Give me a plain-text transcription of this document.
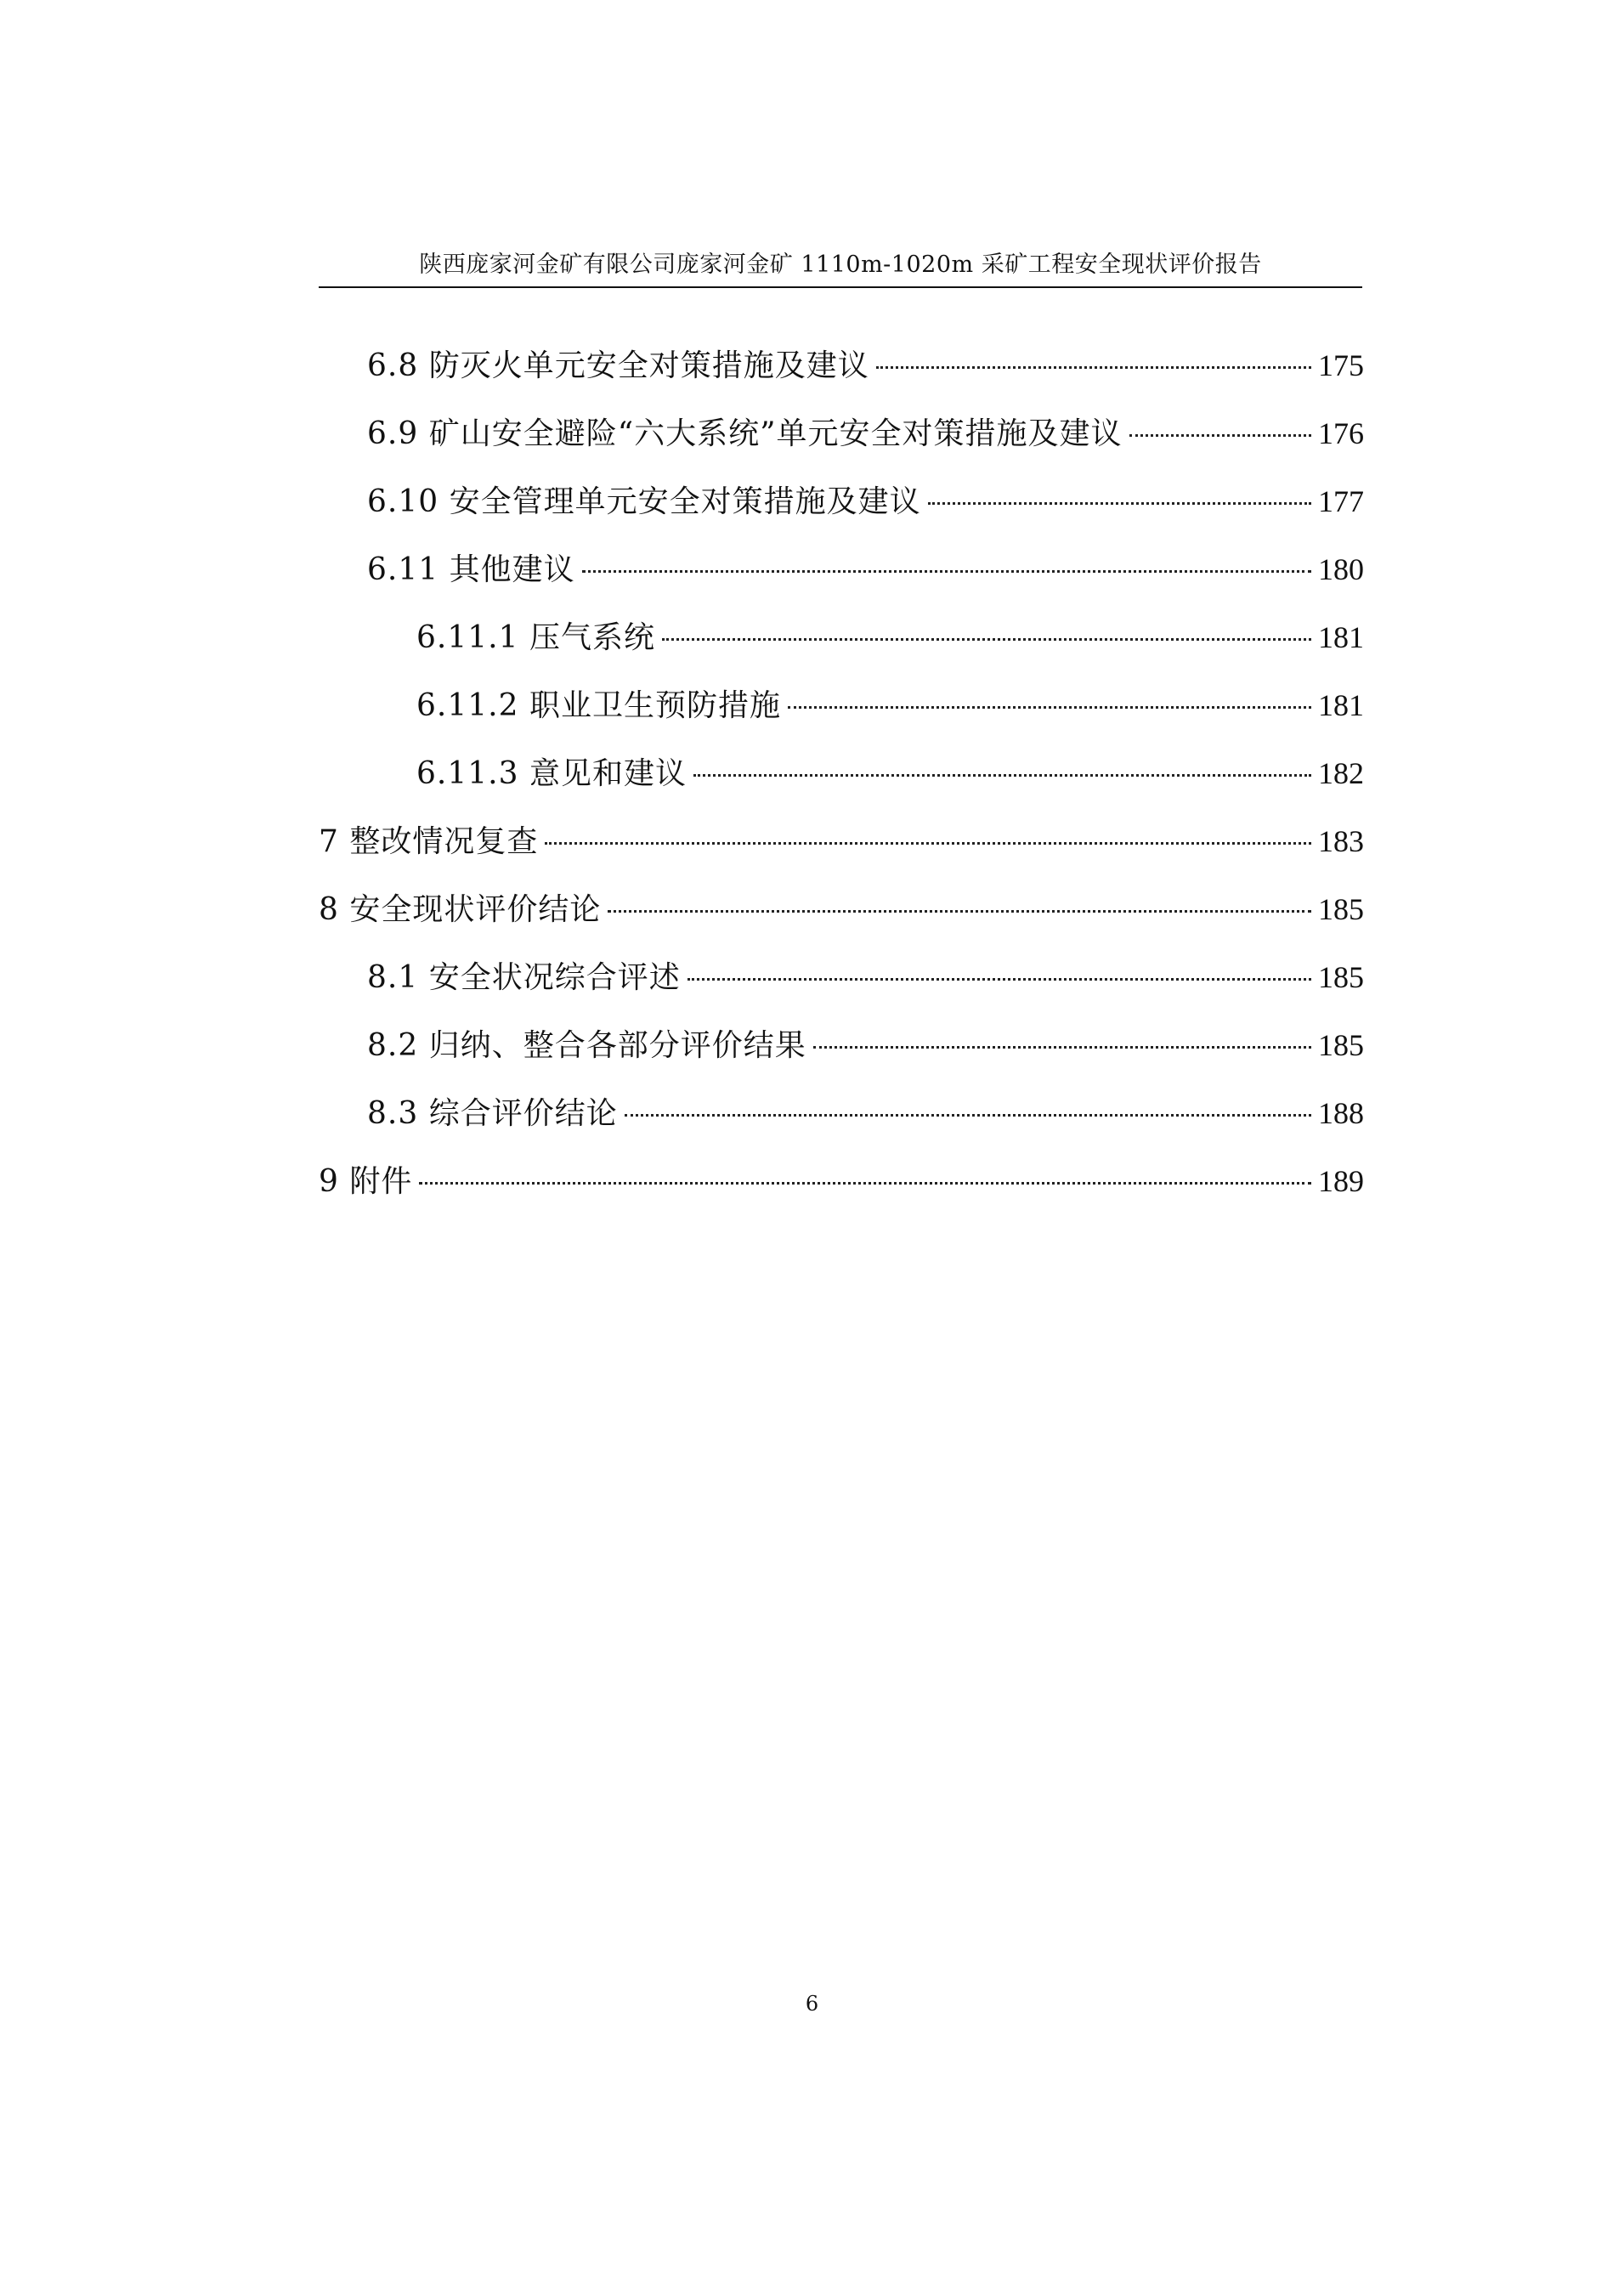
陕西庞家河金矿有限公司庞家河金矿 1110m-1020m 采矿工程安全现状评价报告
6.8 防灭火单元安全对策措施及建议	175
6.9 矿山安全避险“六大系统”单元安全对策措施及建议	176
6.10 安全管理单元安全对策措施及建议	177
6.11 其他建议	180
6.11.1 压气系统	181
6.11.2 职业卫生预防措施	181
6.11.3 意见和建议	182
7 整改情况复查	183
8 安全现状评价结论	185
8.1 安全状况综合评述	185
8.2 归纳、整合各部分评价结果	185
8.3 综合评价结论	188
9 附件	189
6
